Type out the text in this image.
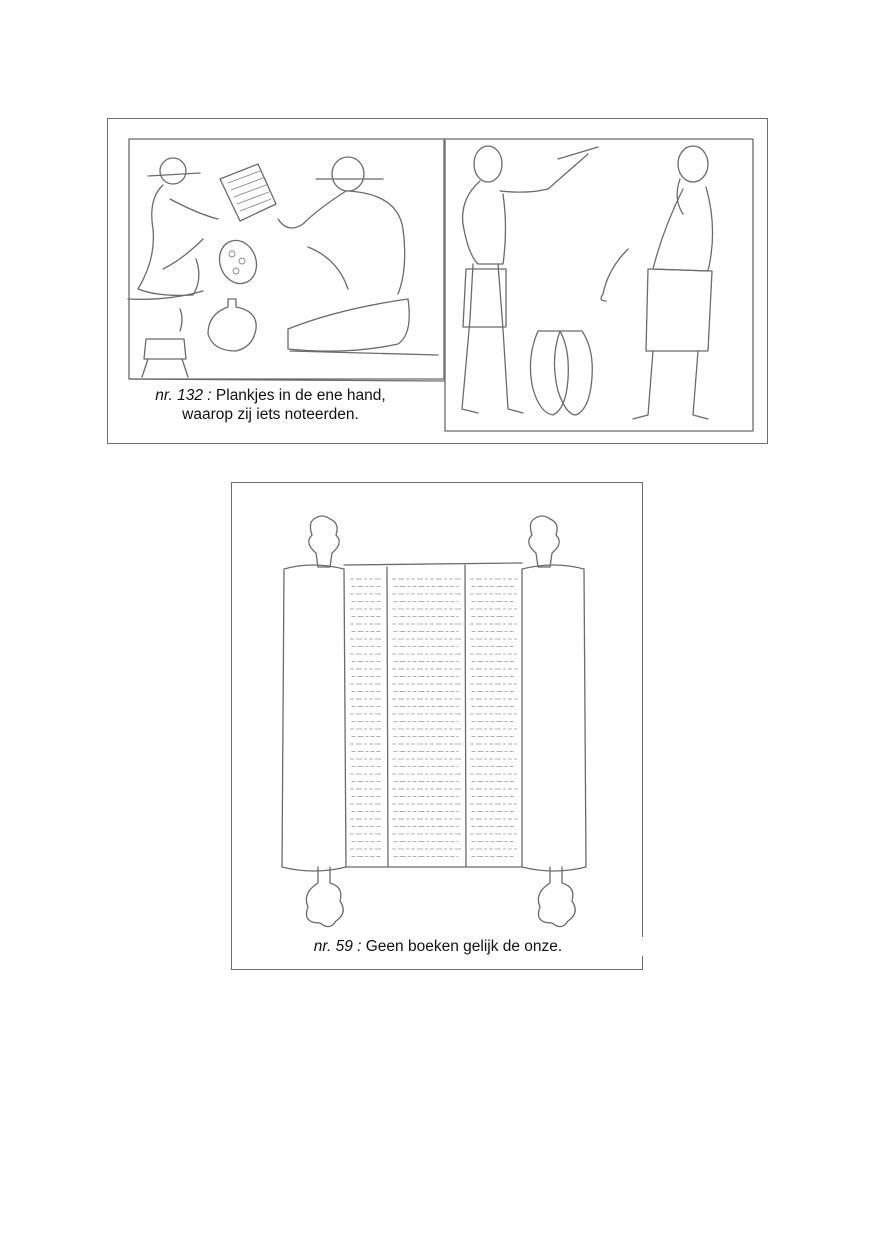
nr. 132 : Plankjes in de ene hand,
waarop zij iets noteerden.
nr. 59 : Geen boeken gelijk de onze.
